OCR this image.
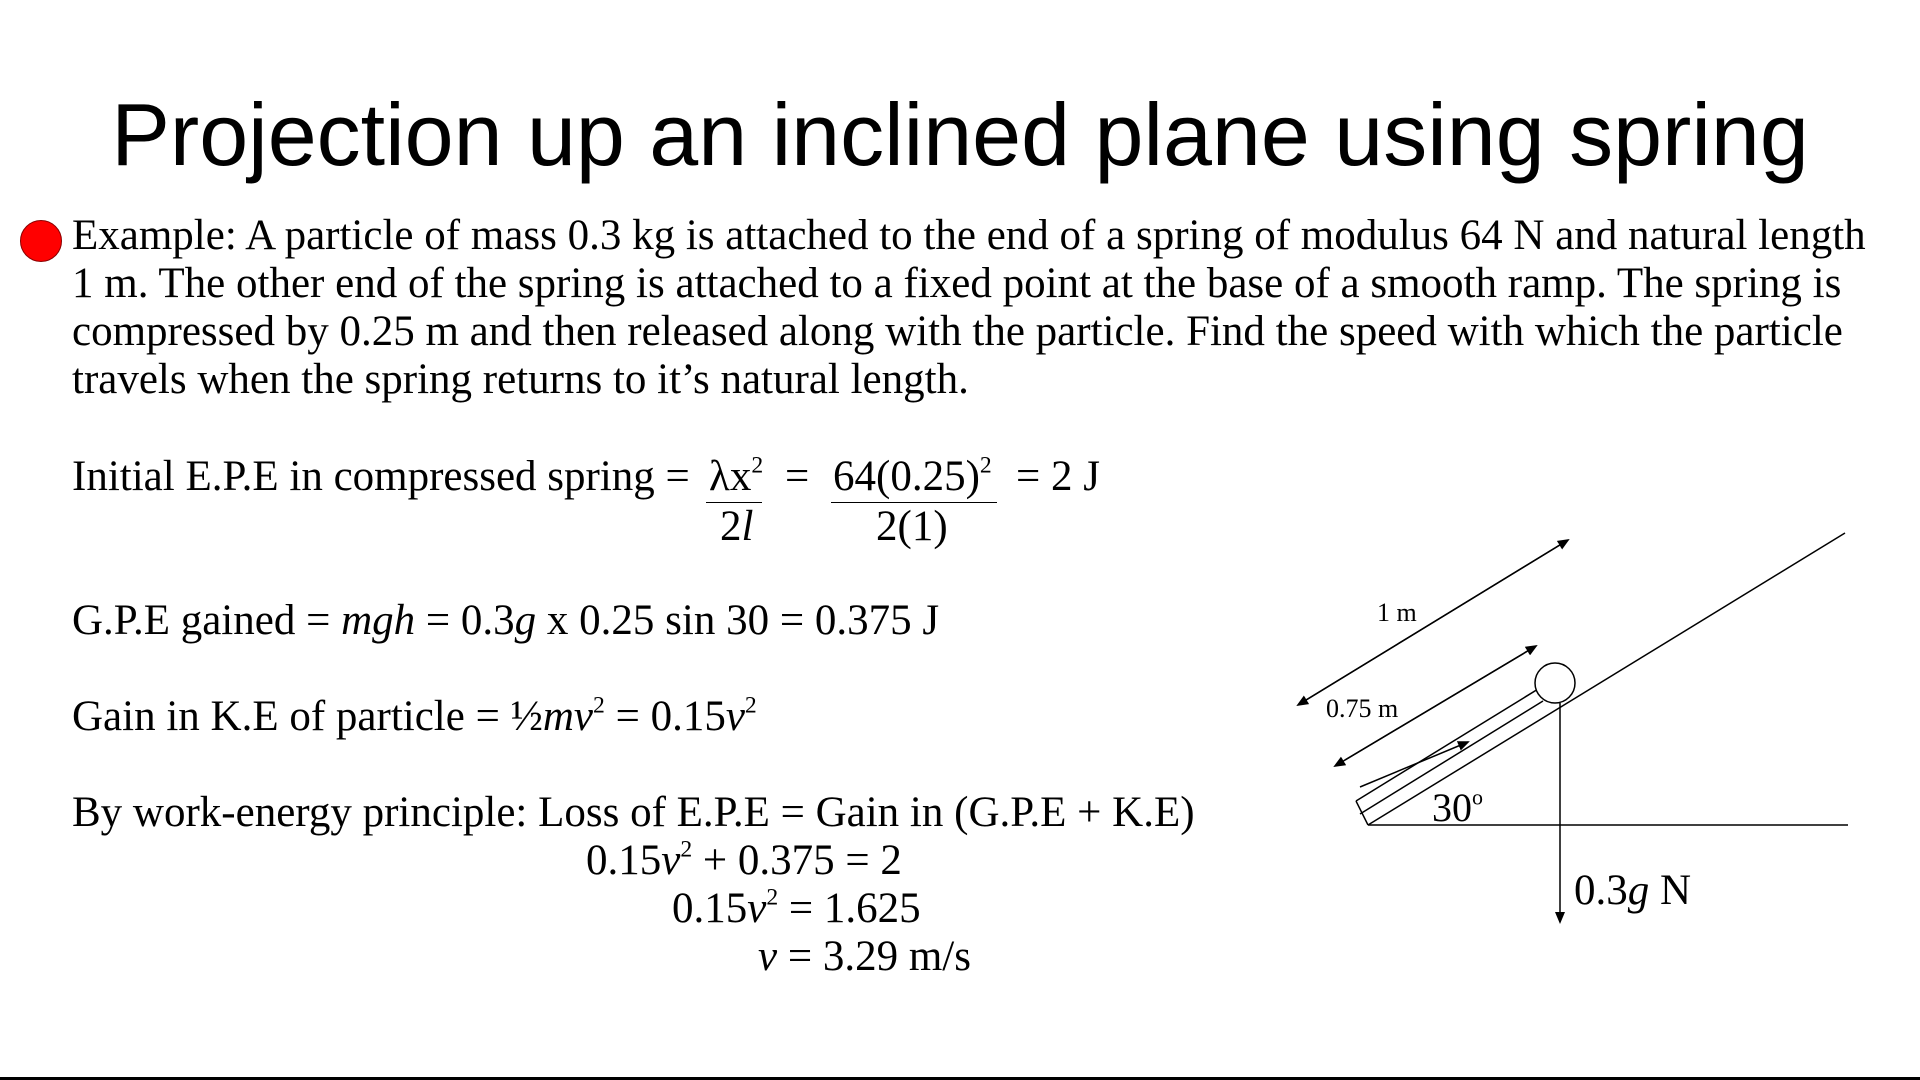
Projection up an inclined plane using spring
Example: A particle of mass 0.3 kg is attached to the end of a spring of modulus 64 N and natural length
1 m. The other end of the spring is attached to a fixed point at the base of a smooth ramp. The spring is
compressed by 0.25 m and then released along with the particle. Find the speed with which the particle
travels when the spring returns to it’s natural length.
Initial E.P.E in compressed spring = $\lambda x^2$
2l
= $64(0.25)^2$
2(1)
= 2 J
G.P.E gained = mgh = 0.3g x 0.25 sin 30 = 0.375 J
Gain in K.E of particle = $\frac{1}{2}mv^2 = 0.15v^2$
By work-energy principle: Loss of E.P.E = Gain in (G.P.E + K.E)
$0.15v^2 + 0.375 = 2$
$0.15v^2 = 1.625$
v = 3.29 m/s
1 m
0.75 m
30$^o$
0.3g N
